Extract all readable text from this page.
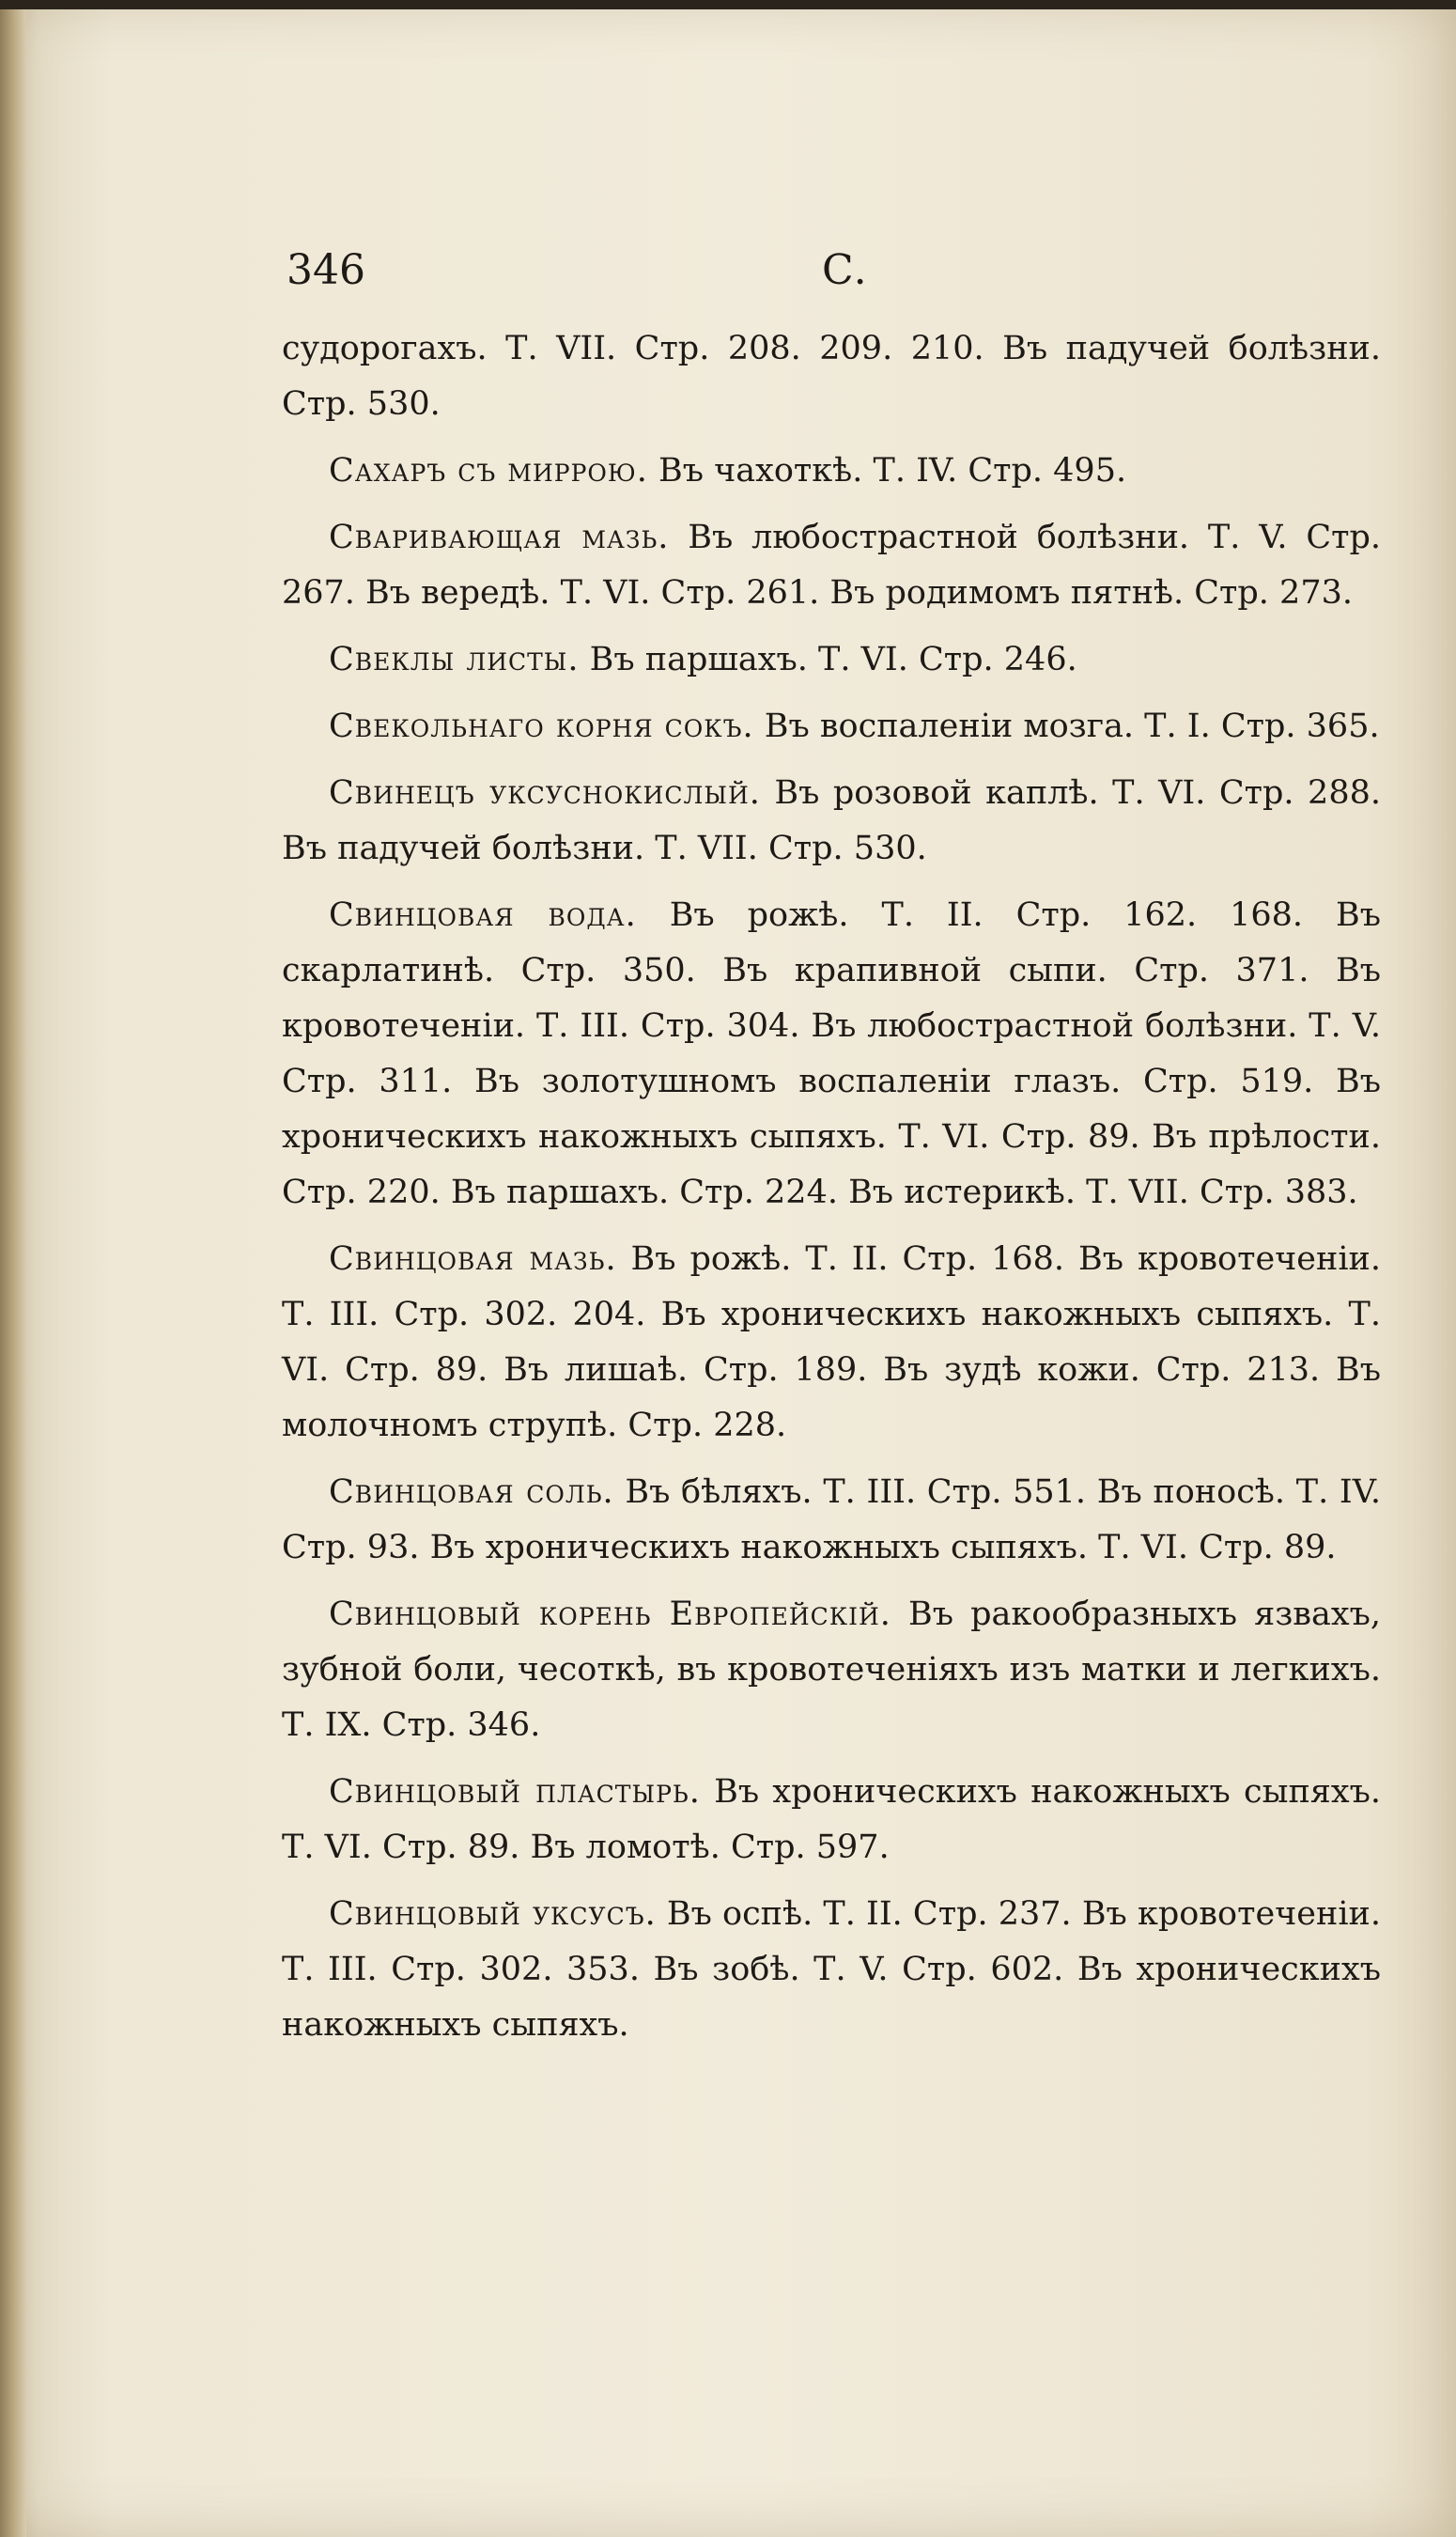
346	С.

судорогахъ. Т. VII. Стр. 208. 209. 210. Въ падучей болѣзни. Стр. 530.

Сахаръ съ миррою. Въ чахоткѣ. Т. IV. Стр. 495.

Сваривающая мазь. Въ любострастной болѣзни. Т. V. Стр. 267. Въ вередѣ. Т. VI. Стр. 261. Въ родимомъ пятнѣ. Стр. 273.

Свеклы листы. Въ паршахъ. Т. VI. Стр. 246.

Свекольнаго корня сокъ. Въ воспаленіи мозга. Т. I. Стр. 365.

Свинецъ уксуснокислый. Въ розовой каплѣ. Т. VI. Стр. 288. Въ падучей болѣзни. Т. VII. Стр. 530.

Свинцовая вода. Въ рожѣ. Т. II. Стр. 162. 168. Въ скарлатинѣ. Стр. 350. Въ крапивной сыпи. Стр. 371. Въ кровотеченіи. Т. III. Стр. 304. Въ любострастной болѣзни. Т. V. Стр. 311. Въ золотушномъ воспаленіи глазъ. Стр. 519. Въ хроническихъ накожныхъ сыпяхъ. Т. VI. Стр. 89. Въ прѣлости. Стр. 220. Въ паршахъ. Стр. 224. Въ истерикѣ. Т. VII. Стр. 383.

Свинцовая мазь. Въ рожѣ. Т. II. Стр. 168. Въ кровотеченіи. Т. III. Стр. 302. 204. Въ хроническихъ накожныхъ сыпяхъ. Т. VI. Стр. 89. Въ лишаѣ. Стр. 189. Въ зудѣ кожи. Стр. 213. Въ молочномъ струпѣ. Стр. 228.

Свинцовая соль. Въ бѣляхъ. Т. III. Стр. 551. Въ поносѣ. Т. IV. Стр. 93. Въ хроническихъ накожныхъ сыпяхъ. Т. VI. Стр. 89.

Свинцовый корень Европейскій. Въ ракообразныхъ язвахъ, зубной боли, чесоткѣ, въ кровотеченіяхъ изъ матки и легкихъ. Т. IX. Стр. 346.

Свинцовый пластырь. Въ хроническихъ накожныхъ сыпяхъ. Т. VI. Стр. 89. Въ ломотѣ. Стр. 597.

Свинцовый уксусъ. Въ оспѣ. Т. II. Стр. 237. Въ кровотеченіи. Т. III. Стр. 302. 353. Въ зобѣ. Т. V. Стр. 602. Въ хроническихъ накожныхъ сыпяхъ.
